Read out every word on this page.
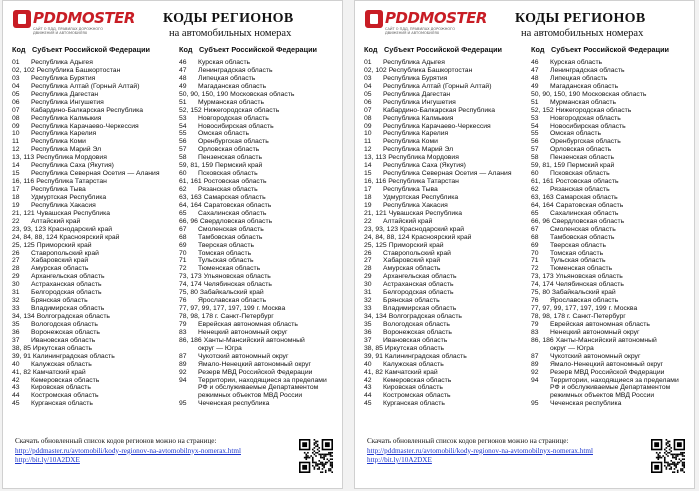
PDDMOSTER
САЙТ О ПДД, ПРАВИЛАХ ДОРОЖНОГО ДВИЖЕНИЯ И АВТОМОБИЛЯХ
КОДЫ РЕГИОНОВ
на автомобильных номерах
Код Субъект Российской Федерации
01 Республика Адыгея
02, 102 Республика Башкортостан
03 Республика Бурятия
04 Республика Алтай (Горный Алтай)
05 Республика Дагестан
06 Республика Ингушетия
07 Кабардино-Балкарская Республика
08 Республика Калмыкия
09 Республика Карачаево-Черкессия
10 Республика Карелия
11 Республика Коми
12 Республика Марий Эл
13, 113 Республика Мордовия
14 Республика Саха (Якутия)
15 Республика Северная Осетия — Алания
16, 116 Республика Татарстан
17 Республика Тыва
18 Удмуртская Республика
19 Республика Хакасия
21, 121 Чувашская Республика
22 Алтайский край
23, 93, 123 Краснодарский край
24, 84, 88, 124 Красноярский край
25, 125 Приморский край
26 Ставропольский край
27 Хабаровский край
28 Амурская область
29 Архангельская область
30 Астраханская область
31 Белгородская область
32 Брянская область
33 Владимирская область
34, 134 Волгоградская область
35 Вологодская область
36 Воронежская область
37 Ивановская область
38, 85 Иркутская область
39, 91 Калининградская область
40 Калужская область
41, 82 Камчатский край
42 Кемеровская область
43 Кировская область
44 Костромская область
45 Курганская область
Код Субъект Российской Федерации
46 Курская область
47 Ленинградская область
48 Липецкая область
49 Магаданская область
50, 90, 150, 190 Московская область
51 Мурманская область
52, 152 Нижегородская область
53 Новгородская область
54 Новосибирская область
55 Омская область
56 Оренбургская область
57 Орловская область
58 Пензенская область
59, 81, 159 Пермский край
60 Псковская область
61, 161 Ростовская область
62 Рязанская область
63, 163 Самарская область
64, 164 Саратовская область
65 Сахалинская область
66, 96 Свердловская область
67 Смоленская область
68 Тамбовская область
69 Тверская область
70 Томская область
71 Тульская область
72 Тюменская область
73, 173 Ульяновская область
74, 174 Челябинская область
75, 80 Забайкальский край
76 Ярославская область
77, 97, 99, 177, 197, 199 г. Москва
78, 98, 178 г. Санкт-Петербург
79 Еврейская автономная область
83 Ненецкий автономный округ
86, 186 Ханты-Мансийский автономный
округ — Югра
87 Чукотский автономный округ
89 Ямало-Ненецкий автономный округ
92 Резерв МВД Российской Федерации
94 Территории, находящиеся за пределами
РФ и обслуживаемые Департаментом
режимных объектов МВД России
95 Чеченская республика
Скачать обновленный список кодов регионов можно на странице:
http://pddmaster.ru/avtomobili/kody-regionov-na-avtomobilnyx-nomerax.html
http://bit.ly/10A2DXE
PDDMOSTER
САЙТ О ПДД, ПРАВИЛАХ ДОРОЖНОГО ДВИЖЕНИЯ И АВТОМОБИЛЯХ
КОДЫ РЕГИОНОВ
на автомобильных номерах
Код Субъект Российской Федерации
01 Республика Адыгея
02, 102 Республика Башкортостан
03 Республика Бурятия
04 Республика Алтай (Горный Алтай)
05 Республика Дагестан
06 Республика Ингушетия
07 Кабардино-Балкарская Республика
08 Республика Калмыкия
09 Республика Карачаево-Черкессия
10 Республика Карелия
11 Республика Коми
12 Республика Марий Эл
13, 113 Республика Мордовия
14 Республика Саха (Якутия)
15 Республика Северная Осетия — Алания
16, 116 Республика Татарстан
17 Республика Тыва
18 Удмуртская Республика
19 Республика Хакасия
21, 121 Чувашская Республика
22 Алтайский край
23, 93, 123 Краснодарский край
24, 84, 88, 124 Красноярский край
25, 125 Приморский край
26 Ставропольский край
27 Хабаровский край
28 Амурская область
29 Архангельская область
30 Астраханская область
31 Белгородская область
32 Брянская область
33 Владимирская область
34, 134 Волгоградская область
35 Вологодская область
36 Воронежская область
37 Ивановская область
38, 85 Иркутская область
39, 91 Калининградская область
40 Калужская область
41, 82 Камчатский край
42 Кемеровская область
43 Кировская область
44 Костромская область
45 Курганская область
Код Субъект Российской Федерации
46 Курская область
47 Ленинградская область
48 Липецкая область
49 Магаданская область
50, 90, 150, 190 Московская область
51 Мурманская область
52, 152 Нижегородская область
53 Новгородская область
54 Новосибирская область
55 Омская область
56 Оренбургская область
57 Орловская область
58 Пензенская область
59, 81, 159 Пермский край
60 Псковская область
61, 161 Ростовская область
62 Рязанская область
63, 163 Самарская область
64, 164 Саратовская область
65 Сахалинская область
66, 96 Свердловская область
67 Смоленская область
68 Тамбовская область
69 Тверская область
70 Томская область
71 Тульская область
72 Тюменская область
73, 173 Ульяновская область
74, 174 Челябинская область
75, 80 Забайкальский край
76 Ярославская область
77, 97, 99, 177, 197, 199 г. Москва
78, 98, 178 г. Санкт-Петербург
79 Еврейская автономная область
83 Ненецкий автономный округ
86, 186 Ханты-Мансийский автономный
округ — Югра
87 Чукотский автономный округ
89 Ямало-Ненецкий автономный округ
92 Резерв МВД Российской Федерации
94 Территории, находящиеся за пределами
РФ и обслуживаемые Департаментом
режимных объектов МВД России
95 Чеченская республика
Скачать обновленный список кодов регионов можно на странице:
http://pddmaster.ru/avtomobili/kody-regionov-na-avtomobilnyx-nomerax.html
http://bit.ly/10A2DXE
